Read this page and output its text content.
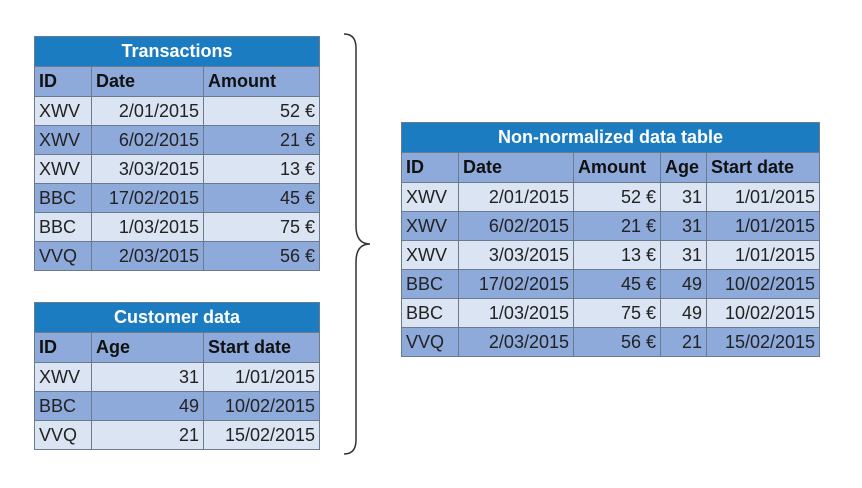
Transactions		
ID	Date	Amount
XWV	2/01/2015	52 €
XWV	6/02/2015	21 €
XWV	3/03/2015	13 €
BBC	17/02/2015	45 €
BBC	1/03/2015	75 €
VVQ	2/03/2015	56 €
Customer data		
ID	Age	Start date
XWV	31	1/01/2015
BBC	49	10/02/2015
VVQ	21	15/02/2015
Non-normalized data table				
ID	Date	Amount	Age	Start date
XWV	2/01/2015	52 €	31	1/01/2015
XWV	6/02/2015	21 €	31	1/01/2015
XWV	3/03/2015	13 €	31	1/01/2015
BBC	17/02/2015	45 €	49	10/02/2015
BBC	1/03/2015	75 €	49	10/02/2015
VVQ	2/03/2015	56 €	21	15/02/2015
